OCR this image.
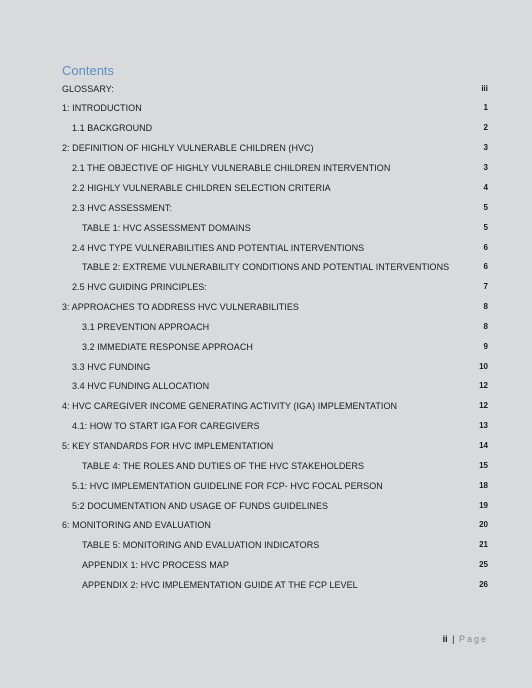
Contents
GLOSSARY:	iii
1: INTRODUCTION	1
1.1 BACKGROUND	2
2: DEFINITION OF HIGHLY VULNERABLE CHILDREN (HVC)	3
2.1 THE OBJECTIVE OF HIGHLY VULNERABLE CHILDREN INTERVENTION	3
2.2 HIGHLY VULNERABLE CHILDREN SELECTION CRITERIA	4
2.3 HVC ASSESSMENT:	5
TABLE 1: HVC ASSESSMENT DOMAINS	5
2.4 HVC TYPE VULNERABILITIES AND POTENTIAL INTERVENTIONS	6
TABLE 2: EXTREME VULNERABILITY CONDITIONS AND POTENTIAL INTERVENTIONS	6
2.5 HVC GUIDING PRINCIPLES:	7
3: APPROACHES TO ADDRESS HVC VULNERABILITIES	8
3.1 PREVENTION APPROACH	8
3.2 IMMEDIATE RESPONSE APPROACH	9
3.3 HVC FUNDING	10
3.4 HVC FUNDING ALLOCATION	12
4: HVC CAREGIVER INCOME GENERATING ACTIVITY (IGA) IMPLEMENTATION	12
4.1: HOW TO START IGA FOR CAREGIVERS	13
5: KEY STANDARDS FOR HVC IMPLEMENTATION	14
TABLE 4: THE ROLES AND DUTIES OF THE HVC STAKEHOLDERS	15
5.1: HVC IMPLEMENTATION GUIDELINE FOR FCP- HVC FOCAL PERSON	18
5:2 DOCUMENTATION AND USAGE OF FUNDS GUIDELINES	19
6: MONITORING AND EVALUATION	20
TABLE 5: MONITORING AND EVALUATION INDICATORS	21
APPENDIX 1: HVC PROCESS MAP	25
APPENDIX 2: HVC IMPLEMENTATION GUIDE AT THE FCP LEVEL	26
ii | Page
